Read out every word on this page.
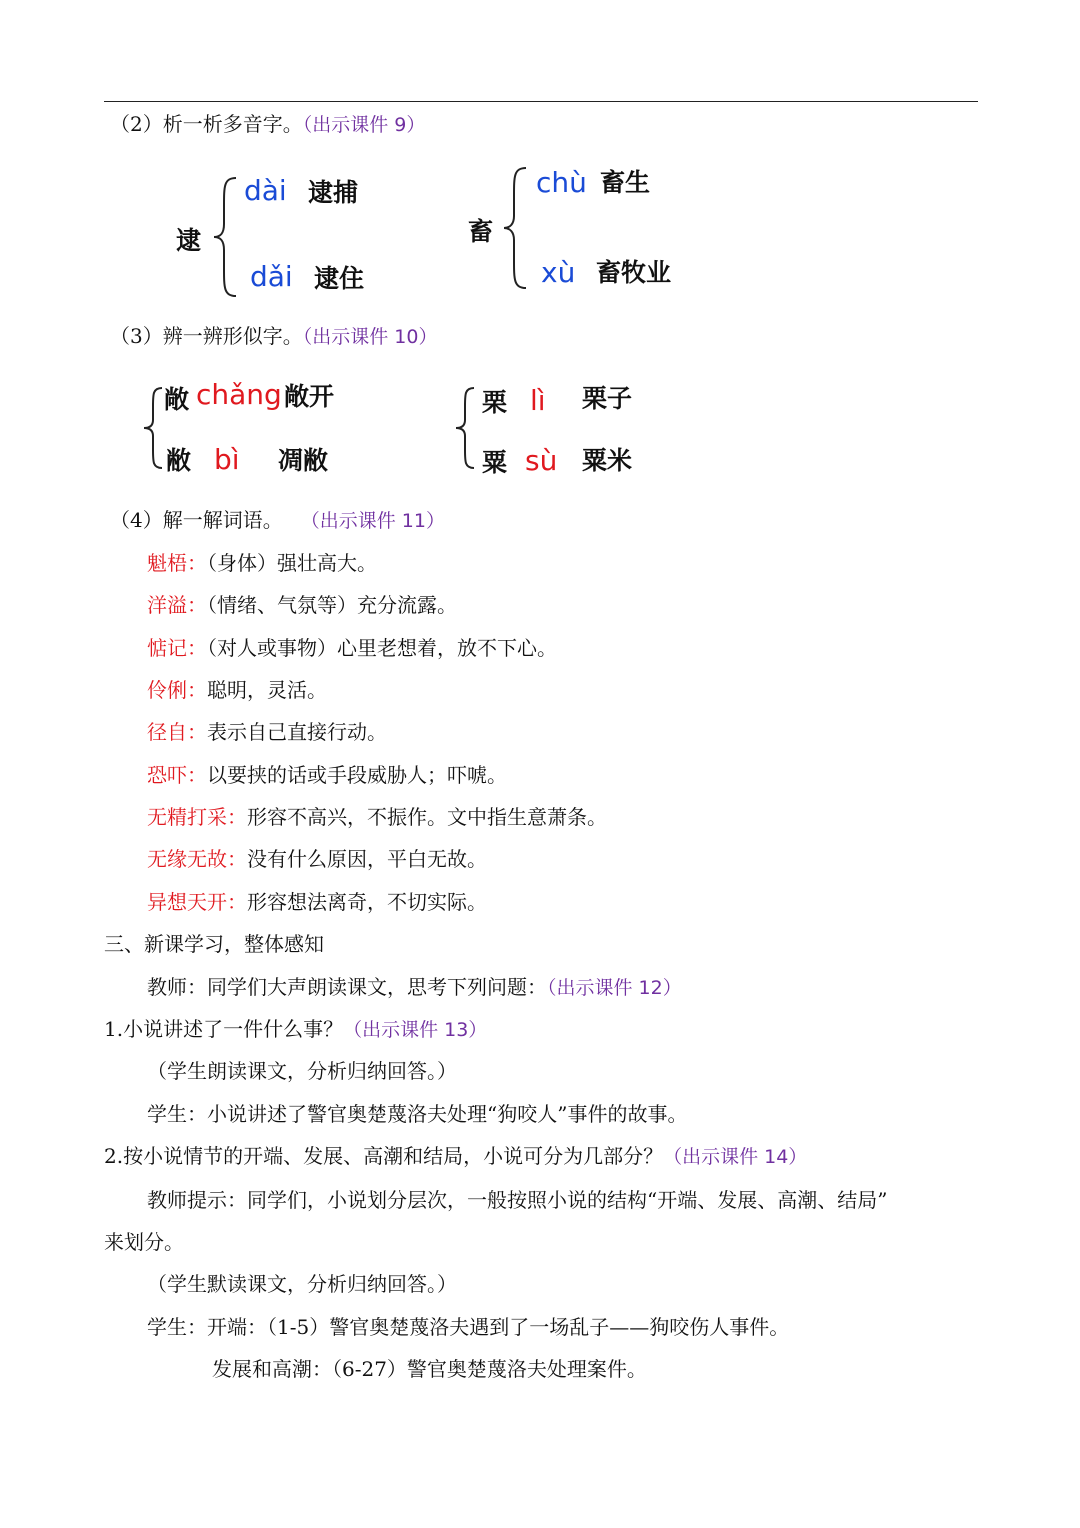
（2）析一析多音字。（出示课件 9）
逮
dài 逮捕
dǎi 逮住
畜
chù 畜生
xù 畜牧业
（3）辨一辨形似字。（出示课件 10）
敞 chǎng 敞开
敝 bì 凋敝
栗 lì 栗子
粟 sù 粟米
（4）解一解词语。 （出示课件 11）
魁梧：（身体）强壮高大。
洋溢：（情绪、气氛等）充分流露。
惦记：（对人或事物）心里老想着，放不下心。
伶俐：聪明，灵活。
径自：表示自己直接行动。
恐吓：以要挟的话或手段威胁人；吓唬。
无精打采：形容不高兴，不振作。文中指生意萧条。
无缘无故：没有什么原因，平白无故。
异想天开：形容想法离奇，不切实际。
三、新课学习，整体感知
教师：同学们大声朗读课文，思考下列问题：（出示课件 12）
1.小说讲述了一件什么事？（出示课件 13）
（学生朗读课文，分析归纳回答。）
学生：小说讲述了警官奥楚蔑洛夫处理“狗咬人”事件的故事。
2.按小说情节的开端、发展、高潮和结局，小说可分为几部分？（出示课件 14）
教师提示：同学们，小说划分层次，一般按照小说的结构“开端、发展、高潮、结局”
来划分。
（学生默读课文，分析归纳回答。）
学生：开端：（1-5）警官奥楚蔑洛夫遇到了一场乱子——狗咬伤人事件。
发展和高潮：（6-27）警官奥楚蔑洛夫处理案件。
